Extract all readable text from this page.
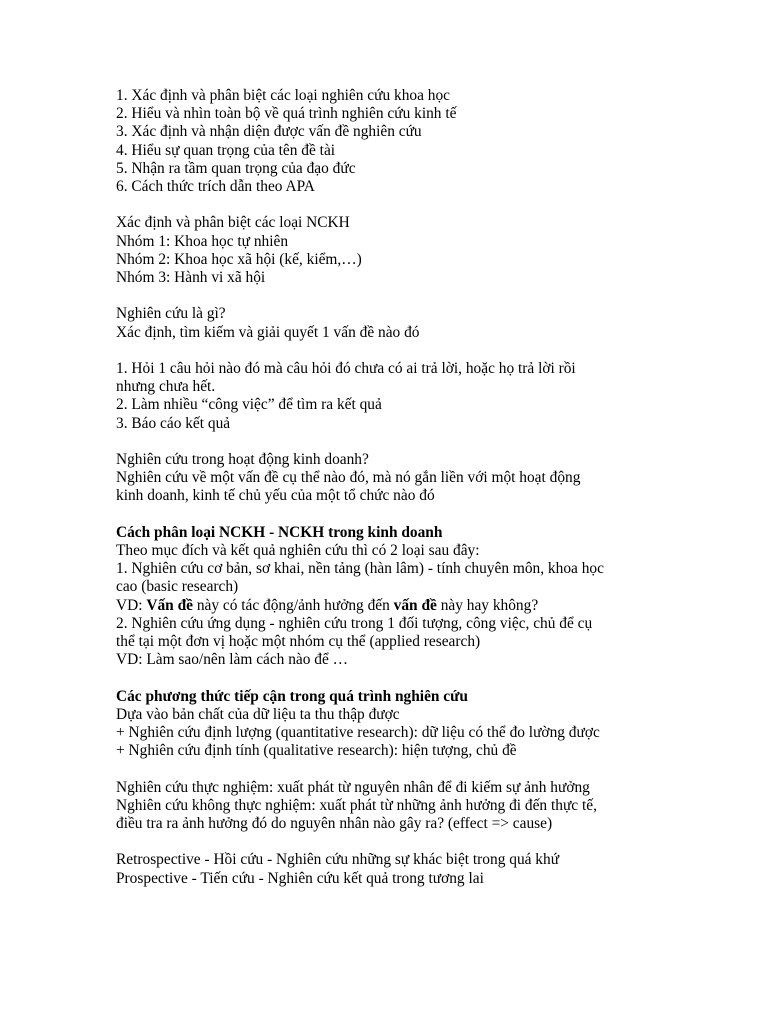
1. Xác định và phân biệt các loại nghiên cứu khoa học
2. Hiểu và nhìn toàn bộ về quá trình nghiên cứu kinh tế
3. Xác định và nhận diện được vấn đề nghiên cứu
4. Hiểu sự quan trọng của tên đề tài
5. Nhận ra tầm quan trọng của đạo đức
6. Cách thức trích dẫn theo APA
Xác định và phân biệt các loại NCKH
Nhóm 1: Khoa học tự nhiên
Nhóm 2: Khoa học xã hội (kế, kiểm,…)
Nhóm 3: Hành vi xã hội
Nghiên cứu là gì?
Xác định, tìm kiếm và giải quyết 1 vấn đề nào đó
1. Hỏi 1 câu hỏi nào đó mà câu hỏi đó chưa có ai trả lời, hoặc họ trả lời rồi
nhưng chưa hết.
2. Làm nhiều “công việc” để tìm ra kết quả
3. Báo cáo kết quả
Nghiên cứu trong hoạt động kinh doanh?
Nghiên cứu về một vấn đề cụ thể nào đó, mà nó gắn liền với một hoạt động
kinh doanh, kinh tế chủ yếu của một tổ chức nào đó
Cách phân loại NCKH - NCKH trong kinh doanh
Theo mục đích và kết quả nghiên cứu thì có 2 loại sau đây:
1. Nghiên cứu cơ bản, sơ khai, nền tảng (hàn lâm) - tính chuyên môn, khoa học
cao (basic research)
VD: Vấn đề này có tác động/ảnh hưởng đến vấn đề này hay không?
2. Nghiên cứu ứng dụng - nghiên cứu trong 1 đối tượng, công việc, chủ để cụ
thể tại một đơn vị hoặc một nhóm cụ thể (applied research)
VD: Làm sao/nên làm cách nào để …
Các phương thức tiếp cận trong quá trình nghiên cứu
Dựa vào bản chất của dữ liệu ta thu thập được
+ Nghiên cứu định lượng (quantitative research): dữ liệu có thể đo lường được
+ Nghiên cứu định tính (qualitative research): hiện tượng, chủ đề
Nghiên cứu thực nghiệm: xuất phát từ nguyên nhân để đi kiếm sự ảnh hưởng
Nghiên cứu không thực nghiệm: xuất phát từ những ảnh hưởng đi đến thực tế,
điều tra ra ảnh hưởng đó do nguyên nhân nào gây ra? (effect => cause)
Retrospective - Hồi cứu - Nghiên cứu những sự khác biệt trong quá khứ
Prospective - Tiến cứu - Nghiên cứu kết quả trong tương lai
